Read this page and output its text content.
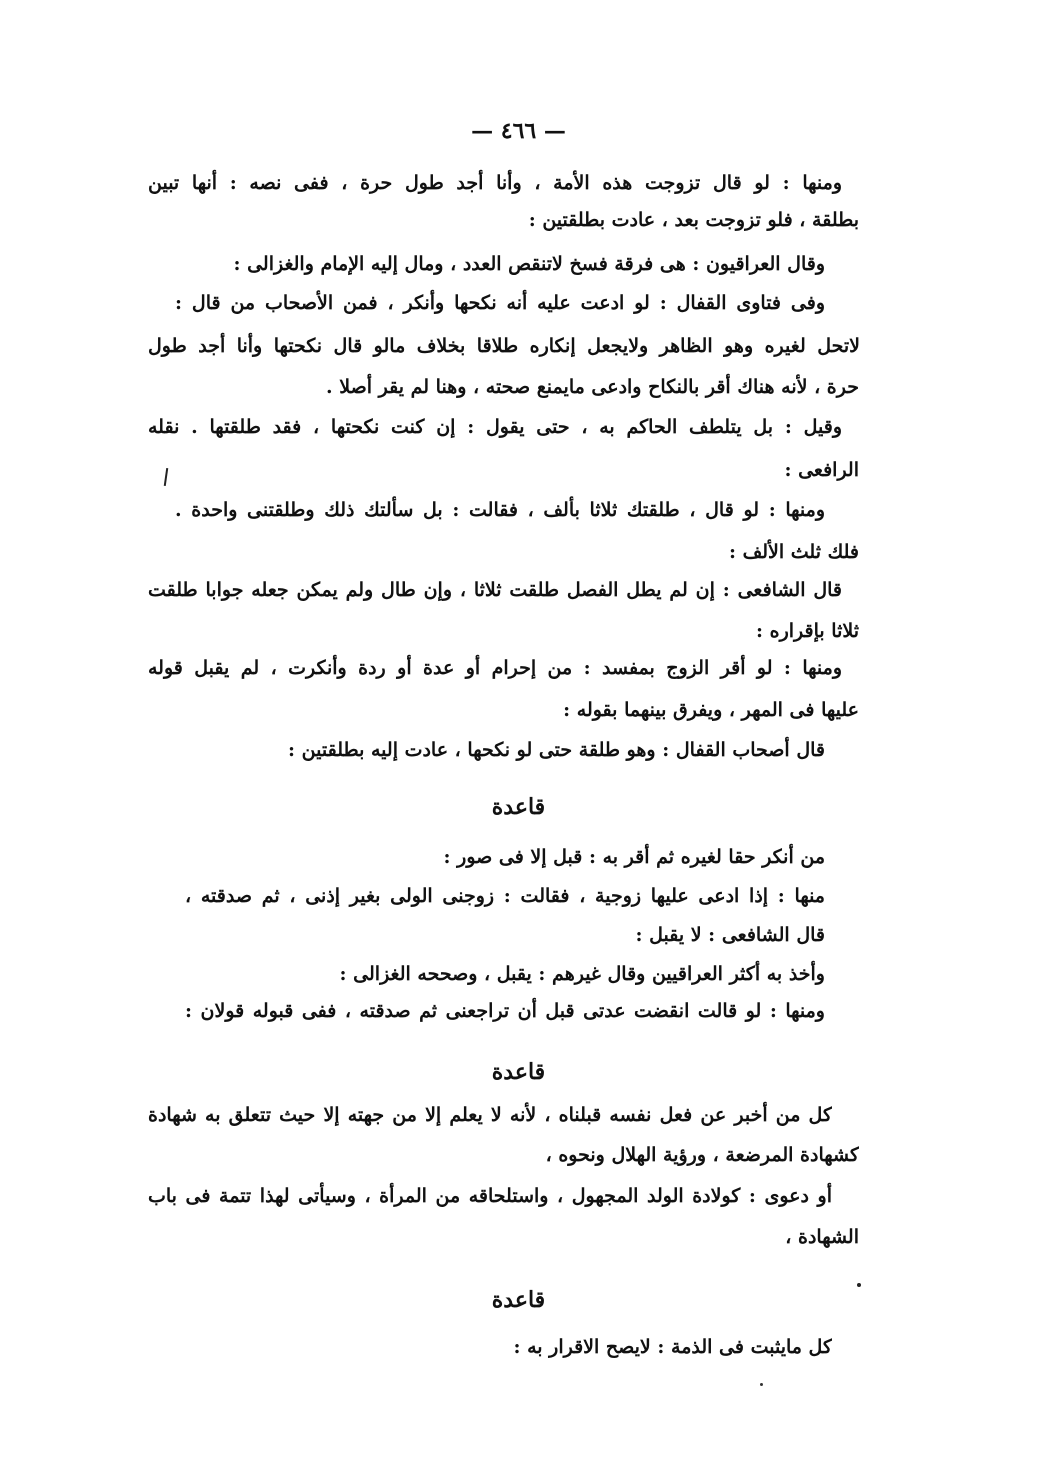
— ٤٦٦ —
ومنها : لو قال تزوجت هذه الأمة ، وأنا أجد طول حرة ، ففى نصه : أنها تبين
بطلقة ، فلو تزوجت بعد ، عادت بطلقتين :
وقال العراقيون : هى فرقة فسخ لاتنقص العدد ، ومال إليه الإمام والغزالى :
وفى فتاوى القفال : لو ادعت عليه أنه نكحها وأنكر ، فمن الأصحاب من قال :
لاتحل لغيره وهو الظاهر ولايجعل إنكاره طلاقا بخلاف مالو قال نكحتها وأنا أجد طول
حرة ، لأنه هناك أقر بالنكاح وادعى مايمنع صحته ، وهنا لم يقر أصلا .
وقيل : بل يتلطف الحاكم به ، حتى يقول : إن كنت نكحتها ، فقد طلقتها . نقله
الرافعى :
ومنها : لو قال ، طلقتك ثلاثا بألف ، فقالت : بل سألتك ذلك وطلقتنى واحدة .
فلك ثلث الألف :
قال الشافعى : إن لم يطل الفصل طلقت ثلاثا ، وإن طال ولم يمكن جعله جوابا طلقت
ثلاثا بإقراره :
ومنها : لو أقر الزوج بمفسد : من إحرام أو عدة أو ردة وأنكرت ، لم يقبل قوله
عليها فى المهر ، ويفرق بينهما بقوله :
قال أصحاب القفال : وهو طلقة حتى لو نكحها ، عادت إليه بطلقتين :
قاعدة
من أنكر حقا لغيره ثم أقر به : قبل إلا فى صور :
منها : إذا ادعى عليها زوجية ، فقالت : زوجنى الولى بغير إذنى ، ثم صدقته ،
قال الشافعى : لا يقبل :
وأخذ به أكثر العراقيين وقال غيرهم : يقبل ، وصححه الغزالى :
ومنها : لو قالت انقضت عدتى قبل أن تراجعنى ثم صدقته ، ففى قبوله قولان :
قاعدة
كل من أخبر عن فعل نفسه قبلناه ، لأنه لا يعلم إلا من جهته إلا حيث تتعلق به شهادة
كشهادة المرضعة ، ورؤية الهلال ونحوه ،
أو دعوى : كولادة الولد المجهول ، واستلحاقه من المرأة ، وسيأتى لهذا تتمة فى باب
الشهادة ،
قاعدة
كل مايثبت فى الذمة : لايصح الاقرار به :
